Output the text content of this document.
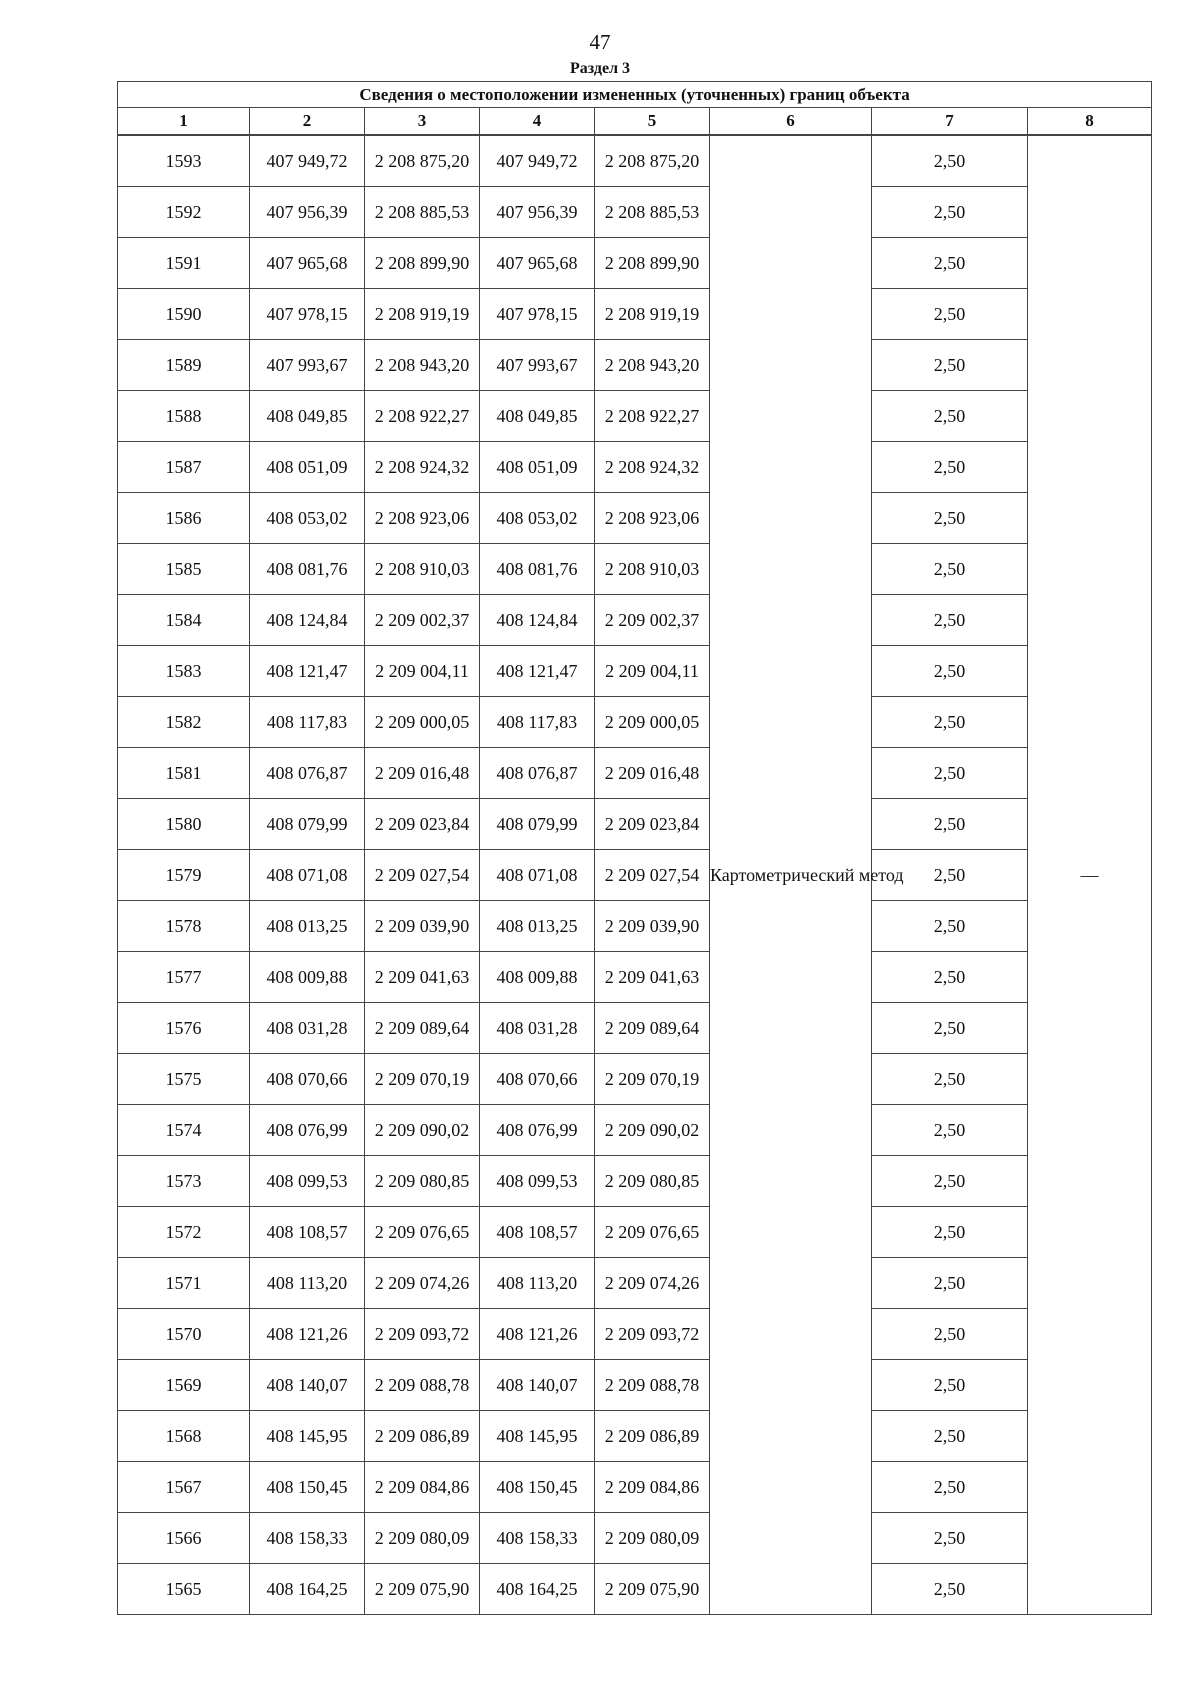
47
Раздел 3
Сведения о местоположении измененных (уточненных) границ объекта							
1	2	3	4	5	6	7	8
1593	407 949,72	2 208 875,20	407 949,72	2 208 875,20	Картометрический метод	2,50	—
1592	407 956,39	2 208 885,53	407 956,39	2 208 885,53		2,50	
1591	407 965,68	2 208 899,90	407 965,68	2 208 899,90		2,50	
1590	407 978,15	2 208 919,19	407 978,15	2 208 919,19		2,50	
1589	407 993,67	2 208 943,20	407 993,67	2 208 943,20		2,50	
1588	408 049,85	2 208 922,27	408 049,85	2 208 922,27		2,50	
1587	408 051,09	2 208 924,32	408 051,09	2 208 924,32		2,50	
1586	408 053,02	2 208 923,06	408 053,02	2 208 923,06		2,50	
1585	408 081,76	2 208 910,03	408 081,76	2 208 910,03		2,50	
1584	408 124,84	2 209 002,37	408 124,84	2 209 002,37		2,50	
1583	408 121,47	2 209 004,11	408 121,47	2 209 004,11		2,50	
1582	408 117,83	2 209 000,05	408 117,83	2 209 000,05		2,50	
1581	408 076,87	2 209 016,48	408 076,87	2 209 016,48		2,50	
1580	408 079,99	2 209 023,84	408 079,99	2 209 023,84		2,50	
1579	408 071,08	2 209 027,54	408 071,08	2 209 027,54		2,50	
1578	408 013,25	2 209 039,90	408 013,25	2 209 039,90		2,50	
1577	408 009,88	2 209 041,63	408 009,88	2 209 041,63		2,50	
1576	408 031,28	2 209 089,64	408 031,28	2 209 089,64		2,50	
1575	408 070,66	2 209 070,19	408 070,66	2 209 070,19		2,50	
1574	408 076,99	2 209 090,02	408 076,99	2 209 090,02		2,50	
1573	408 099,53	2 209 080,85	408 099,53	2 209 080,85		2,50	
1572	408 108,57	2 209 076,65	408 108,57	2 209 076,65		2,50	
1571	408 113,20	2 209 074,26	408 113,20	2 209 074,26		2,50	
1570	408 121,26	2 209 093,72	408 121,26	2 209 093,72		2,50	
1569	408 140,07	2 209 088,78	408 140,07	2 209 088,78		2,50	
1568	408 145,95	2 209 086,89	408 145,95	2 209 086,89		2,50	
1567	408 150,45	2 209 084,86	408 150,45	2 209 084,86		2,50	
1566	408 158,33	2 209 080,09	408 158,33	2 209 080,09		2,50	
1565	408 164,25	2 209 075,90	408 164,25	2 209 075,90		2,50	
